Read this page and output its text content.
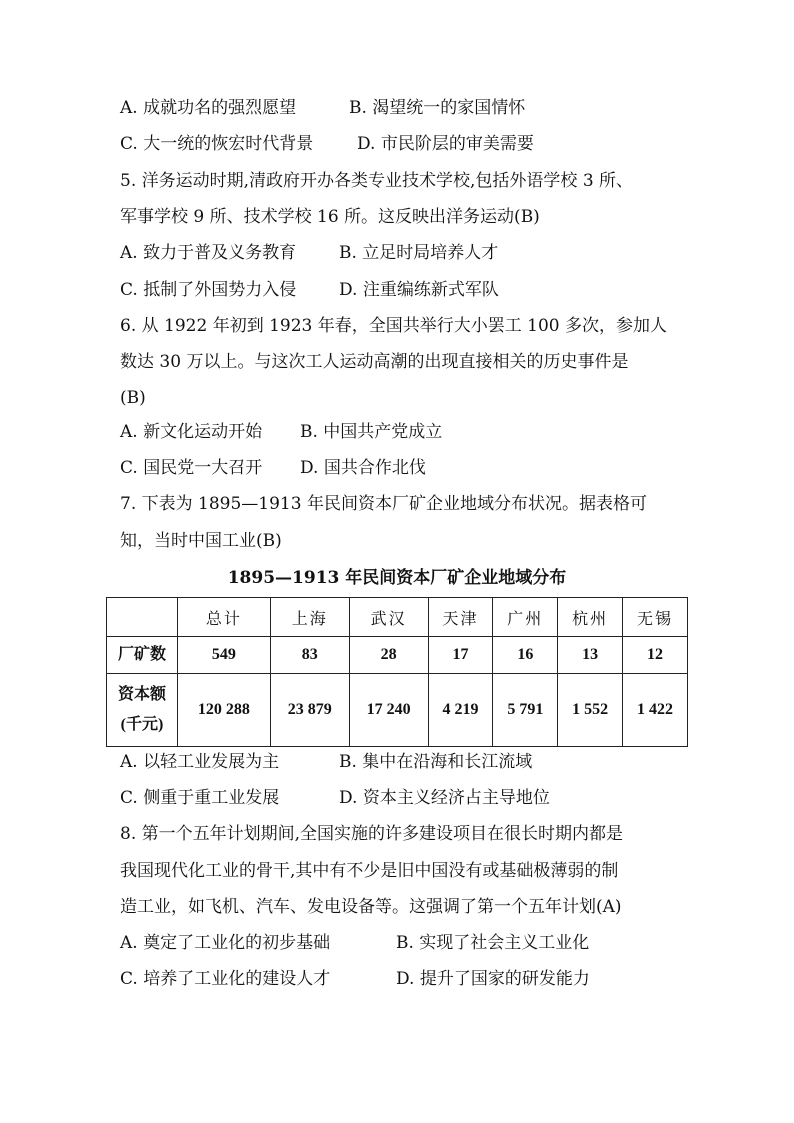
A. 成就功名的强烈愿望	B. 渴望统一的家国情怀
C. 大一统的恢宏时代背景	D. 市民阶层的审美需要
5. 洋务运动时期,清政府开办各类专业技术学校,包括外语学校 3 所、
军事学校 9 所、技术学校 16 所。这反映出洋务运动(B)
A. 致力于普及义务教育	B. 立足时局培养人才
C. 抵制了外国势力入侵	D. 注重编练新式军队
6. 从 1922 年初到 1923 年春，全国共举行大小罢工 100 多次，参加人
数达 30 万以上。与这次工人运动高潮的出现直接相关的历史事件是
(B)
A. 新文化运动开始 B. 中国共产党成立
C. 国民党一大召开 D. 国共合作北伐
7. 下表为 1895—1913 年民间资本厂矿企业地域分布状况。据表格可
知，当时中国工业(B)
1895—1913 年民间资本厂矿企业地域分布
	总计	上海	武汉	天津	广州	杭州	无锡
厂矿数	549	83	28	17	16	13	12

资本额
(千元)	120 288	23 879	17 240	4 219	5 791	1 552	1 422
A. 以轻工业发展为主	B. 集中在沿海和长江流域
C. 侧重于重工业发展	D. 资本主义经济占主导地位
8. 第一个五年计划期间,全国实施的许多建设项目在很长时期内都是
我国现代化工业的骨干,其中有不少是旧中国没有或基础极薄弱的制
造工业，如飞机、汽车、发电设备等。这强调了第一个五年计划(A)
A. 奠定了工业化的初步基础	B. 实现了社会主义工业化
C. 培养了工业化的建设人才	D. 提升了国家的研发能力
